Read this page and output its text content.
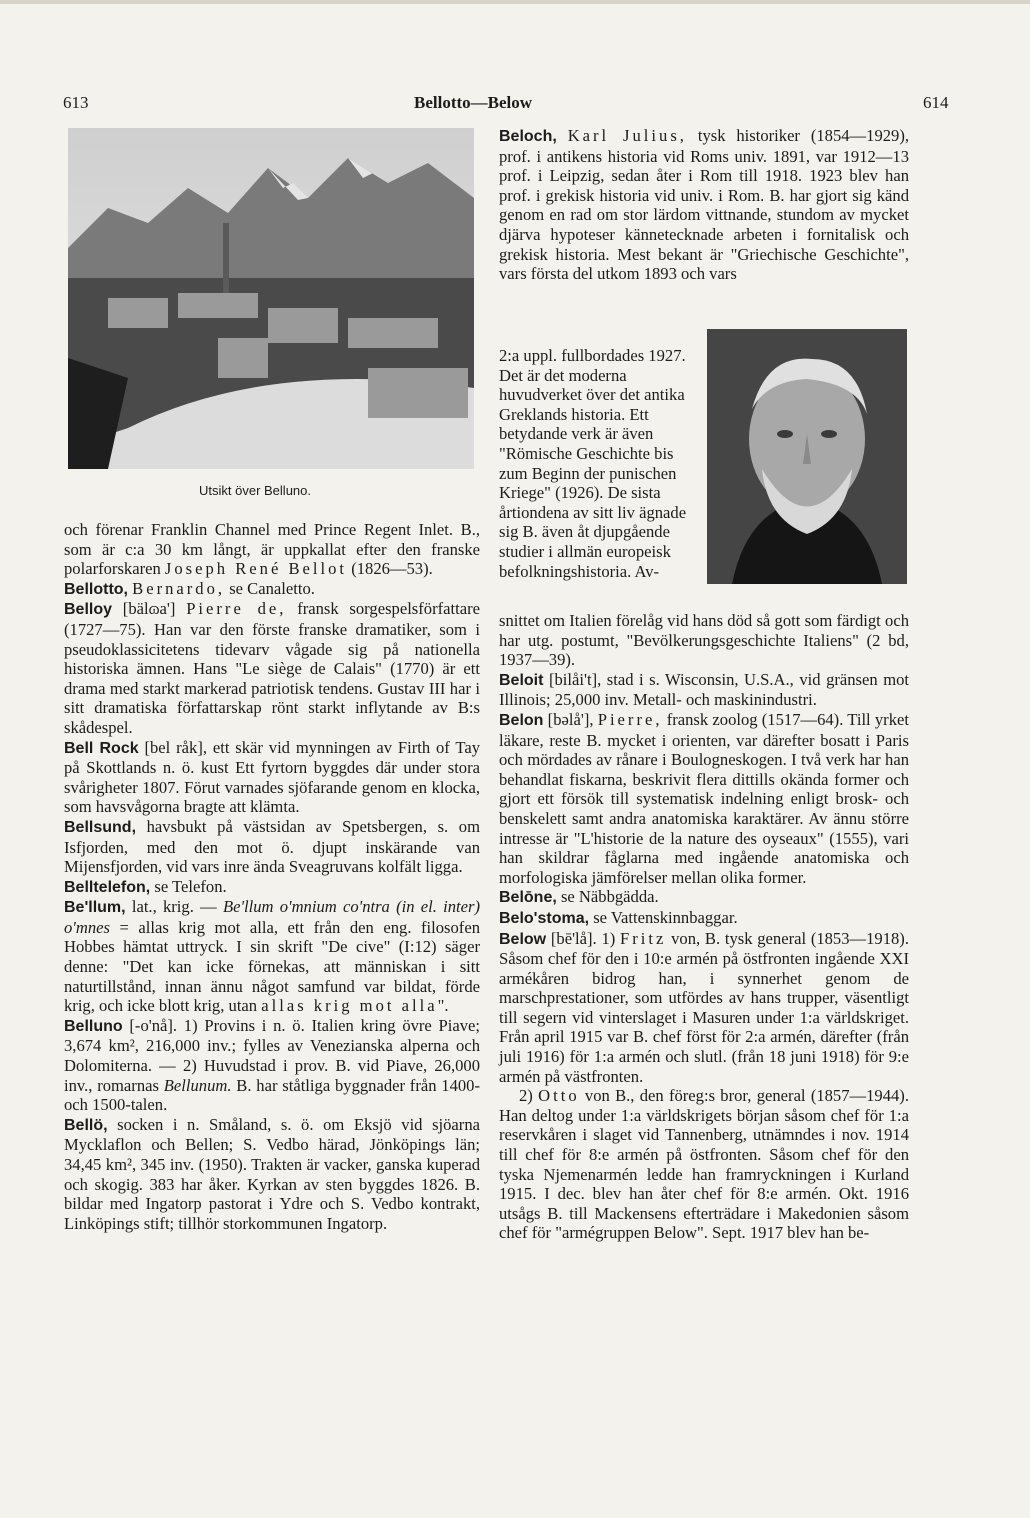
613	Bellotto—Below	614
Utsikt över Belluno.

och förenar Franklin Channel med Prince Regent Inlet. B., som är c:a 30 km långt, är uppkallat efter den franske polarforskaren Joseph René Bellot (1826—53).

Bellotto, Bernardo, se Canaletto.

Belloy [bälɷa'] Pierre de, fransk sorgespelsförfattare (1727—75). Han var den förste franske dramatiker, som i pseudoklassicitetens tidevarv vågade sig på nationella historiska ämnen. Hans "Le siège de Calais" (1770) är ett drama med starkt markerad patriotisk tendens. Gustav III har i sitt dramatiska författarskap rönt starkt inflytande av B:s skådespel.

Bell Rock [bel råk], ett skär vid mynningen av Firth of Tay på Skottlands n. ö. kust Ett fyrtorn byggdes där under stora svårigheter 1807. Förut varnades sjöfarande genom en klocka, som havsvågorna bragte att klämta.

Bellsund, havsbukt på västsidan av Spetsbergen, s. om Isfjorden, med den mot ö. djupt inskärande van Mijensfjorden, vid vars inre ända Sveagruvans kolfält ligga.

Belltelefon, se Telefon.

Be'llum, lat., krig. — Be'llum o'mnium co'ntra (in el. inter) o'mnes = allas krig mot alla, ett från den eng. filosofen Hobbes hämtat uttryck. I sin skrift "De cive" (I:12) säger denne: "Det kan icke förnekas, att människan i sitt naturtillstånd, innan ännu något samfund var bildat, förde krig, och icke blott krig, utan allas krig mot alla".

Belluno [-o'nå]. 1) Provins i n. ö. Italien kring övre Piave; 3,674 km², 216,000 inv.; fylles av Venezianska alperna och Dolomiterna. — 2) Huvudstad i prov. B. vid Piave, 26,000 inv., romarnas Bellunum. B. har ståtliga byggnader från 1400- och 1500-talen.

Bellö, socken i n. Småland, s. ö. om Eksjö vid sjöarna Mycklaflon och Bellen; S. Vedbo härad, Jönköpings län; 34,45 km², 345 inv. (1950). Trakten är vacker, ganska kuperad och skogig. 383 har åker. Kyrkan av sten byggdes 1826. B. bildar med Ingatorp pastorat i Ydre och S. Vedbo kontrakt, Linköpings stift; tillhör storkommunen Ingatorp.

Beloch, Karl Julius, tysk historiker (1854—1929), prof. i antikens historia vid Roms univ. 1891, var 1912—13 prof. i Leipzig, sedan åter i Rom till 1918. 1923 blev han prof. i grekisk historia vid univ. i Rom. B. har gjort sig känd genom en rad om stor lärdom vittnande, stundom av mycket djärva hypoteser kännetecknade arbeten i fornitalisk och grekisk historia. Mest bekant är "Griechische Geschichte", vars första del utkom 1893 och vars

2:a uppl. fullbordades 1927. Det är det moderna huvudverket över det antika Greklands historia. Ett betydande verk är även "Römische Geschichte bis zum Beginn der punischen Kriege" (1926). De sista årtiondena av sitt liv ägnade sig B. även åt djupgående studier i allmän europeisk befolkningshistoria. Av-

snittet om Italien förelåg vid hans död så gott som färdigt och har utg. postumt, "Bevölkerungsgeschichte Italiens" (2 bd, 1937—39).

Beloit [bilåi't], stad i s. Wisconsin, U.S.A., vid gränsen mot Illinois; 25,000 inv. Metall- och maskinindustri.

Belon [bəlå'], Pierre, fransk zoolog (1517—64). Till yrket läkare, reste B. mycket i orienten, var därefter bosatt i Paris och mördades av rånare i Boulogneskogen. I två verk har han behandlat fiskarna, beskrivit flera dittills okända former och gjort ett försök till systematisk indelning enligt brosk- och benskelett samt andra anatomiska karaktärer. Av ännu större intresse är "L'historie de la nature des oyseaux" (1555), vari han skildrar fåglarna med ingående anatomiska och morfologiska jämförelser mellan olika former.

Belōne, se Näbbgädda.

Belo'stoma, se Vattenskinnbaggar.

Below [bē'lå]. 1) Fritz von, B. tysk general (1853—1918). Såsom chef för den i 10:e armén på östfronten ingående XXI armékåren bidrog han, i synnerhet genom de marschprestationer, som utfördes av hans trupper, väsentligt till segern vid vinterslaget i Masuren under 1:a världskriget. Från april 1915 var B. chef först för 2:a armén, därefter (från juli 1916) för 1:a armén och slutl. (från 18 juni 1918) för 9:e armén på västfronten.

2) Otto von B., den föreg:s bror, general (1857—1944). Han deltog under 1:a världskrigets början såsom chef för 1:a reservkåren i slaget vid Tannenberg, utnämndes i nov. 1914 till chef för 8:e armén på östfronten. Såsom chef för den tyska Njemenarmén ledde han framryckningen i Kurland 1915. I dec. blev han åter chef för 8:e armén. Okt. 1916 utsågs B. till Mackensens efterträdare i Makedonien såsom chef för "armégruppen Below". Sept. 1917 blev han be-
